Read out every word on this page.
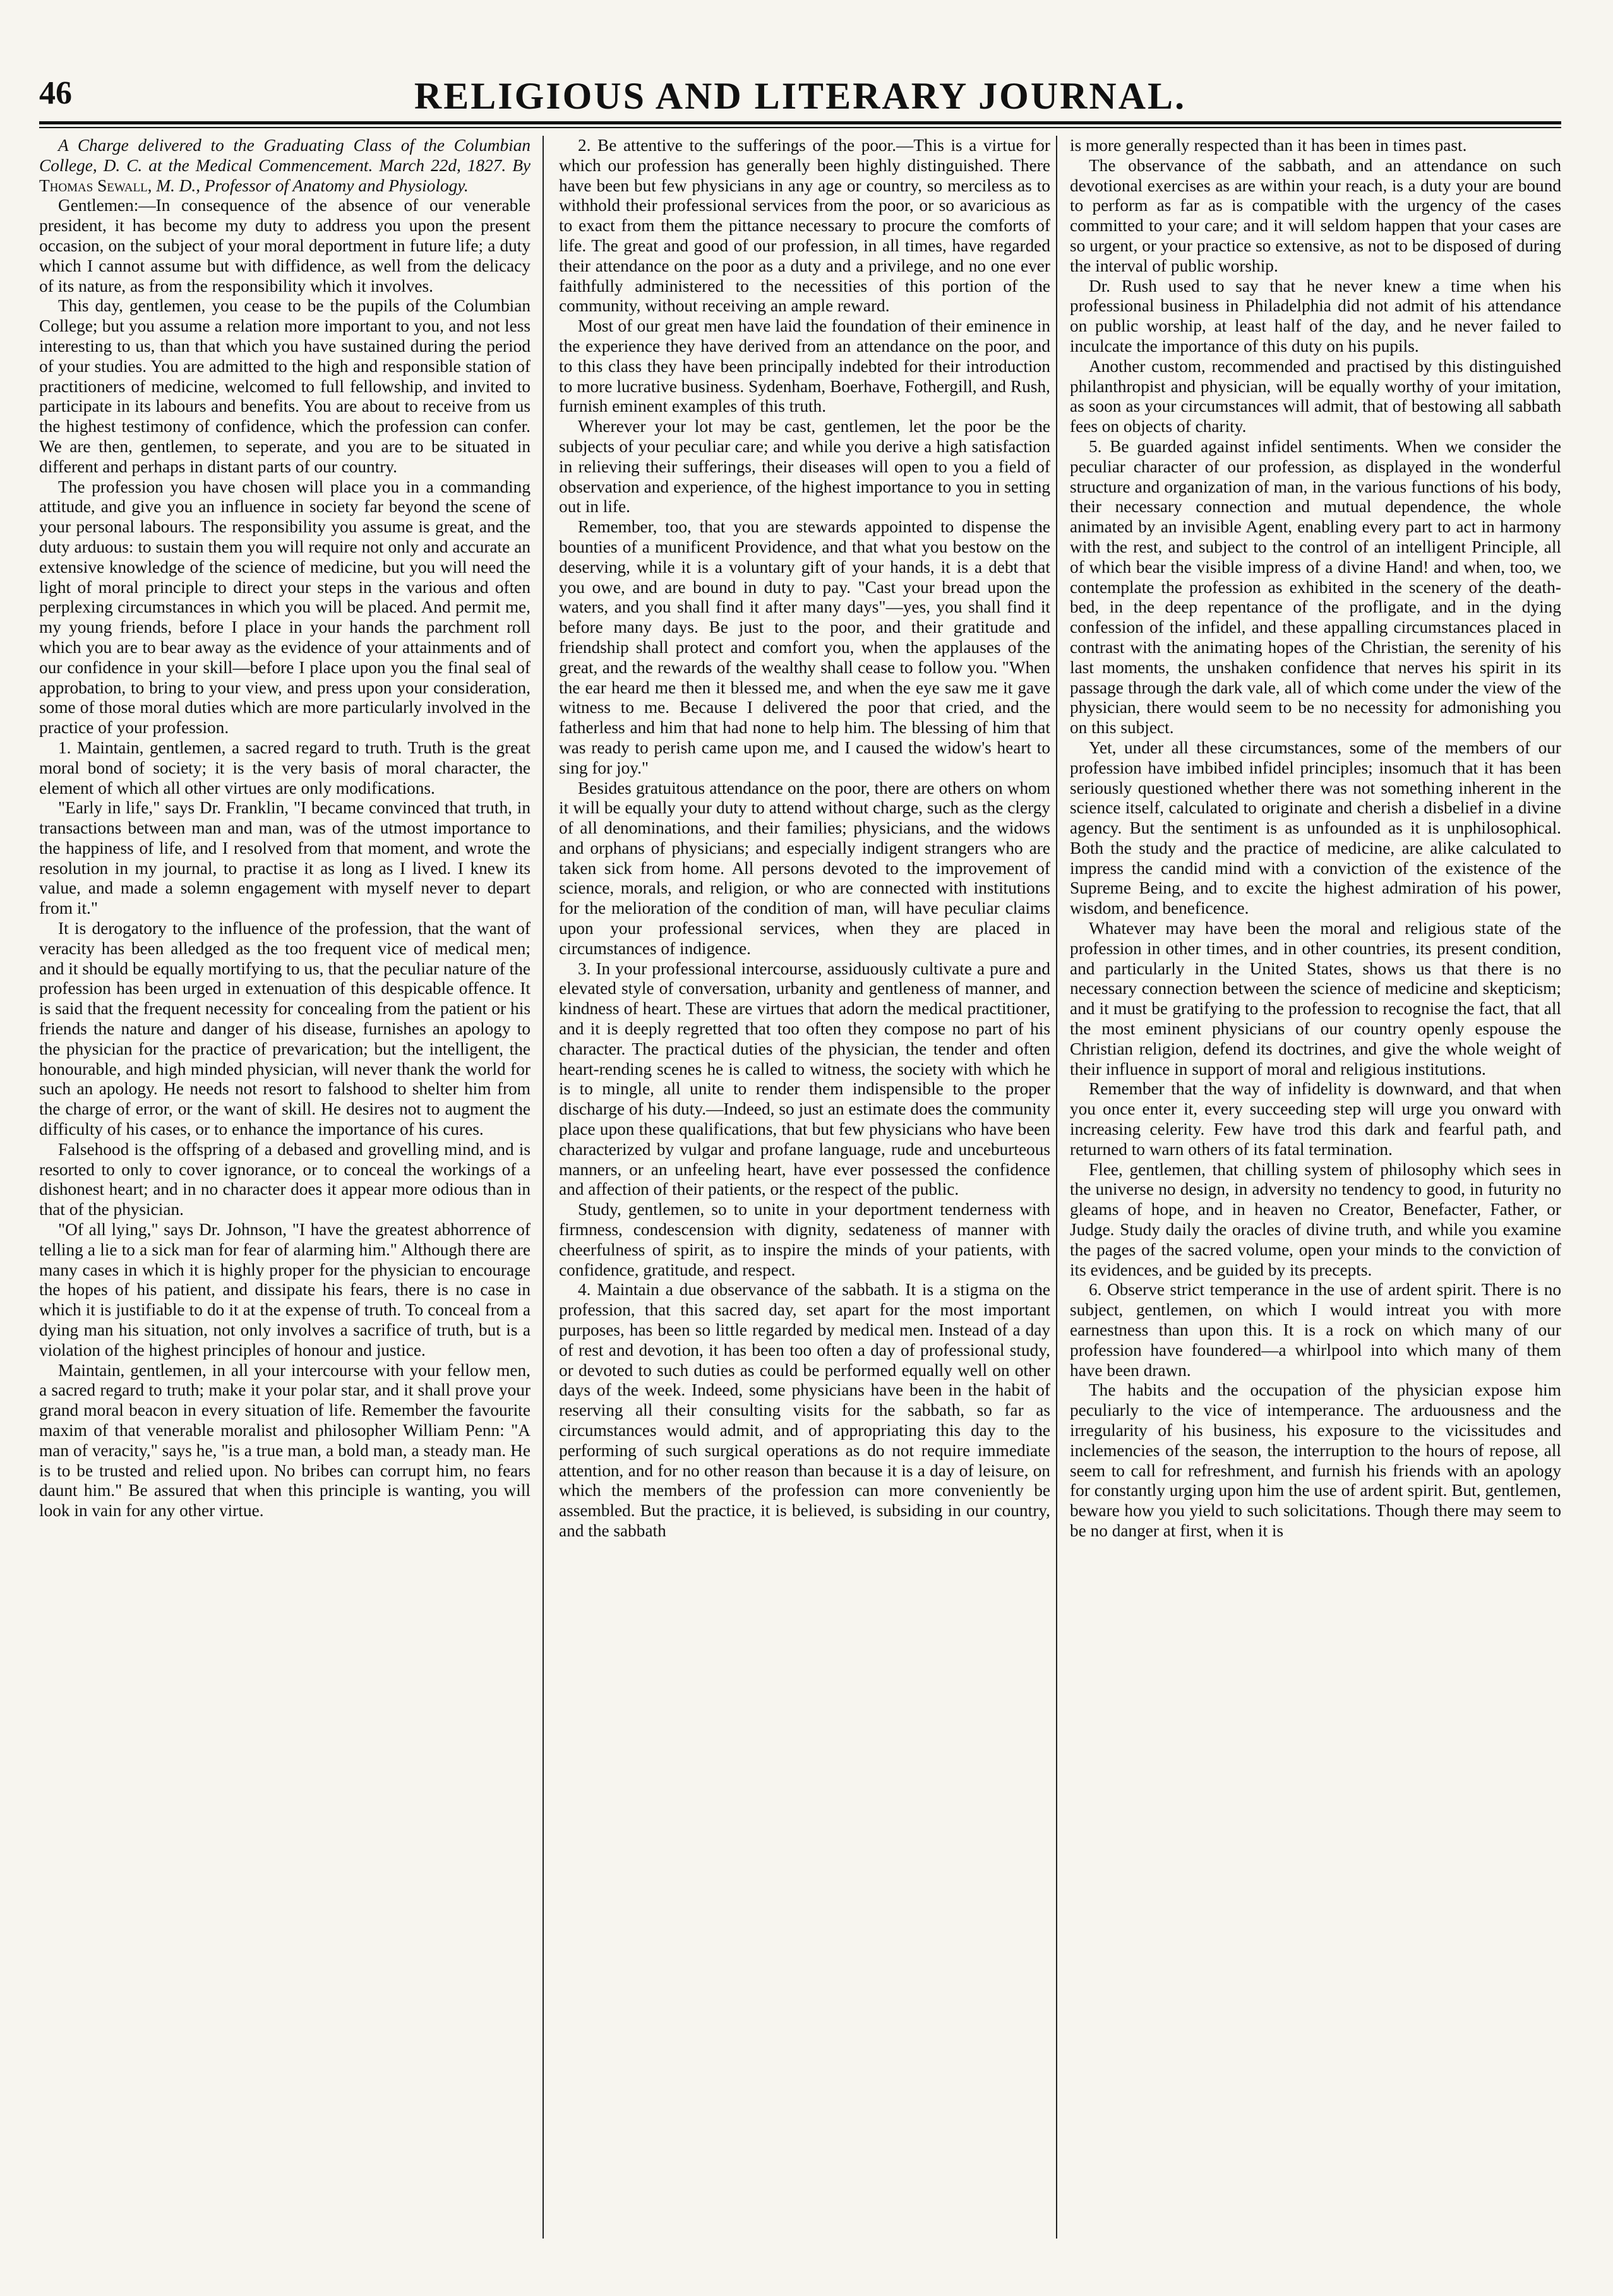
46	RELIGIOUS AND LITERARY JOURNAL.

A Charge delivered to the Graduating Class of the Columbian College, D. C. at the Medical Commencement. March 22d, 1827. By Thomas Sewall, M. D., Professor of Anatomy and Physiology.

Gentlemen:—In consequence of the absence of our venerable president, it has become my duty to address you upon the present occasion, on the subject of your moral deportment in future life; a duty which I cannot assume but with diffidence, as well from the delicacy of its nature, as from the responsibility which it involves.

This day, gentlemen, you cease to be the pupils of the Columbian College; but you assume a relation more important to you, and not less interesting to us, than that which you have sustained during the period of your studies. You are admitted to the high and responsible station of practitioners of medicine, welcomed to full fellowship, and invited to participate in its labours and benefits. You are about to receive from us the highest testimony of confidence, which the profession can confer. We are then, gentlemen, to seperate, and you are to be situated in different and perhaps in distant parts of our country.

The profession you have chosen will place you in a commanding attitude, and give you an influence in society far beyond the scene of your personal labours. The responsibility you assume is great, and the duty arduous: to sustain them you will require not only and accurate an extensive knowledge of the science of medicine, but you will need the light of moral principle to direct your steps in the various and often perplexing circumstances in which you will be placed. And permit me, my young friends, before I place in your hands the parchment roll which you are to bear away as the evidence of your attainments and of our confidence in your skill—before I place upon you the final seal of approbation, to bring to your view, and press upon your consideration, some of those moral duties which are more particularly involved in the practice of your profession.

1. Maintain, gentlemen, a sacred regard to truth. Truth is the great moral bond of society; it is the very basis of moral character, the element of which all other virtues are only modifications.

"Early in life," says Dr. Franklin, "I became convinced that truth, in transactions between man and man, was of the utmost importance to the happiness of life, and I resolved from that moment, and wrote the resolution in my journal, to practise it as long as I lived. I knew its value, and made a solemn engagement with myself never to depart from it."

It is derogatory to the influence of the profession, that the want of veracity has been alledged as the too frequent vice of medical men; and it should be equally mortifying to us, that the peculiar nature of the profession has been urged in extenuation of this despicable offence. It is said that the frequent necessity for concealing from the patient or his friends the nature and danger of his disease, furnishes an apology to the physician for the practice of prevarication; but the intelligent, the honourable, and high minded physician, will never thank the world for such an apology. He needs not resort to falshood to shelter him from the charge of error, or the want of skill. He desires not to augment the difficulty of his cases, or to enhance the importance of his cures.

Falsehood is the offspring of a debased and grovelling mind, and is resorted to only to cover ignorance, or to conceal the workings of a dishonest heart; and in no character does it appear more odious than in that of the physician.

"Of all lying," says Dr. Johnson, "I have the greatest abhorrence of telling a lie to a sick man for fear of alarming him." Although there are many cases in which it is highly proper for the physician to encourage the hopes of his patient, and dissipate his fears, there is no case in which it is justifiable to do it at the expense of truth. To conceal from a dying man his situation, not only involves a sacrifice of truth, but is a violation of the highest principles of honour and justice.

Maintain, gentlemen, in all your intercourse with your fellow men, a sacred regard to truth; make it your polar star, and it shall prove your grand moral beacon in every situation of life. Remember the favourite maxim of that venerable moralist and philosopher William Penn: "A man of veracity," says he, "is a true man, a bold man, a steady man. He is to be trusted and relied upon. No bribes can corrupt him, no fears daunt him." Be assured that when this principle is wanting, you will look in vain for any other virtue.

2. Be attentive to the sufferings of the poor.—This is a virtue for which our profession has generally been highly distinguished. There have been but few physicians in any age or country, so merciless as to withhold their professional services from the poor, or so avaricious as to exact from them the pittance necessary to procure the comforts of life. The great and good of our profession, in all times, have regarded their attendance on the poor as a duty and a privilege, and no one ever faithfully administered to the necessities of this portion of the community, without receiving an ample reward.

Most of our great men have laid the foundation of their eminence in the experience they have derived from an attendance on the poor, and to this class they have been principally indebted for their introduction to more lucrative business. Sydenham, Boerhave, Fothergill, and Rush, furnish eminent examples of this truth.

Wherever your lot may be cast, gentlemen, let the poor be the subjects of your peculiar care; and while you derive a high satisfaction in relieving their sufferings, their diseases will open to you a field of observation and experience, of the highest importance to you in setting out in life.

Remember, too, that you are stewards appointed to dispense the bounties of a munificent Providence, and that what you bestow on the deserving, while it is a voluntary gift of your hands, it is a debt that you owe, and are bound in duty to pay. "Cast your bread upon the waters, and you shall find it after many days"—yes, you shall find it before many days. Be just to the poor, and their gratitude and friendship shall protect and comfort you, when the applauses of the great, and the rewards of the wealthy shall cease to follow you. "When the ear heard me then it blessed me, and when the eye saw me it gave witness to me. Because I delivered the poor that cried, and the fatherless and him that had none to help him. The blessing of him that was ready to perish came upon me, and I caused the widow's heart to sing for joy."

Besides gratuitous attendance on the poor, there are others on whom it will be equally your duty to attend without charge, such as the clergy of all denominations, and their families; physicians, and the widows and orphans of physicians; and especially indigent strangers who are taken sick from home. All persons devoted to the improvement of science, morals, and religion, or who are connected with institutions for the melioration of the condition of man, will have peculiar claims upon your professional services, when they are placed in circumstances of indigence.

3. In your professional intercourse, assiduously cultivate a pure and elevated style of conversation, urbanity and gentleness of manner, and kindness of heart. These are virtues that adorn the medical practitioner, and it is deeply regretted that too often they compose no part of his character. The practical duties of the physician, the tender and often heart-rending scenes he is called to witness, the society with which he is to mingle, all unite to render them indispensible to the proper discharge of his duty.—Indeed, so just an estimate does the community place upon these qualifications, that but few physicians who have been characterized by vulgar and profane language, rude and unceburteous manners, or an unfeeling heart, have ever possessed the confidence and affection of their patients, or the respect of the public.

Study, gentlemen, so to unite in your deportment tenderness with firmness, condescension with dignity, sedateness of manner with cheerfulness of spirit, as to inspire the minds of your patients, with confidence, gratitude, and respect.

4. Maintain a due observance of the sabbath. It is a stigma on the profession, that this sacred day, set apart for the most important purposes, has been so little regarded by medical men. Instead of a day of rest and devotion, it has been too often a day of professional study, or devoted to such duties as could be performed equally well on other days of the week. Indeed, some physicians have been in the habit of reserving all their consulting visits for the sabbath, so far as circumstances would admit, and of appropriating this day to the performing of such surgical operations as do not require immediate attention, and for no other reason than because it is a day of leisure, on which the members of the profession can more conveniently be assembled. But the practice, it is believed, is subsiding in our country, and the sabbath

is more generally respected than it has been in times past.

The observance of the sabbath, and an attendance on such devotional exercises as are within your reach, is a duty your are bound to perform as far as is compatible with the urgency of the cases committed to your care; and it will seldom happen that your cases are so urgent, or your practice so extensive, as not to be disposed of during the interval of public worship.

Dr. Rush used to say that he never knew a time when his professional business in Philadelphia did not admit of his attendance on public worship, at least half of the day, and he never failed to inculcate the importance of this duty on his pupils.

Another custom, recommended and practised by this distinguished philanthropist and physician, will be equally worthy of your imitation, as soon as your circumstances will admit, that of bestowing all sabbath fees on objects of charity.

5. Be guarded against infidel sentiments. When we consider the peculiar character of our profession, as displayed in the wonderful structure and organization of man, in the various functions of his body, their necessary connection and mutual dependence, the whole animated by an invisible Agent, enabling every part to act in harmony with the rest, and subject to the control of an intelligent Principle, all of which bear the visible impress of a divine Hand! and when, too, we contemplate the profession as exhibited in the scenery of the death-bed, in the deep repentance of the profligate, and in the dying confession of the infidel, and these appalling circumstances placed in contrast with the animating hopes of the Christian, the serenity of his last moments, the unshaken confidence that nerves his spirit in its passage through the dark vale, all of which come under the view of the physician, there would seem to be no necessity for admonishing you on this subject.

Yet, under all these circumstances, some of the members of our profession have imbibed infidel principles; insomuch that it has been seriously questioned whether there was not something inherent in the science itself, calculated to originate and cherish a disbelief in a divine agency. But the sentiment is as unfounded as it is unphilosophical. Both the study and the practice of medicine, are alike calculated to impress the candid mind with a conviction of the existence of the Supreme Being, and to excite the highest admiration of his power, wisdom, and beneficence.

Whatever may have been the moral and religious state of the profession in other times, and in other countries, its present condition, and particularly in the United States, shows us that there is no necessary connection between the science of medicine and skepticism; and it must be gratifying to the profession to recognise the fact, that all the most eminent physicians of our country openly espouse the Christian religion, defend its doctrines, and give the whole weight of their influence in support of moral and religious institutions.

Remember that the way of infidelity is downward, and that when you once enter it, every succeeding step will urge you onward with increasing celerity. Few have trod this dark and fearful path, and returned to warn others of its fatal termination.

Flee, gentlemen, that chilling system of philosophy which sees in the universe no design, in adversity no tendency to good, in futurity no gleams of hope, and in heaven no Creator, Benefacter, Father, or Judge. Study daily the oracles of divine truth, and while you examine the pages of the sacred volume, open your minds to the conviction of its evidences, and be guided by its precepts.

6. Observe strict temperance in the use of ardent spirit. There is no subject, gentlemen, on which I would intreat you with more earnestness than upon this. It is a rock on which many of our profession have foundered—a whirlpool into which many of them have been drawn.

The habits and the occupation of the physician expose him peculiarly to the vice of intemperance. The arduousness and the irregularity of his business, his exposure to the vicissitudes and inclemencies of the season, the interruption to the hours of repose, all seem to call for refreshment, and furnish his friends with an apology for constantly urging upon him the use of ardent spirit. But, gentlemen, beware how you yield to such solicitations. Though there may seem to be no danger at first, when it is
